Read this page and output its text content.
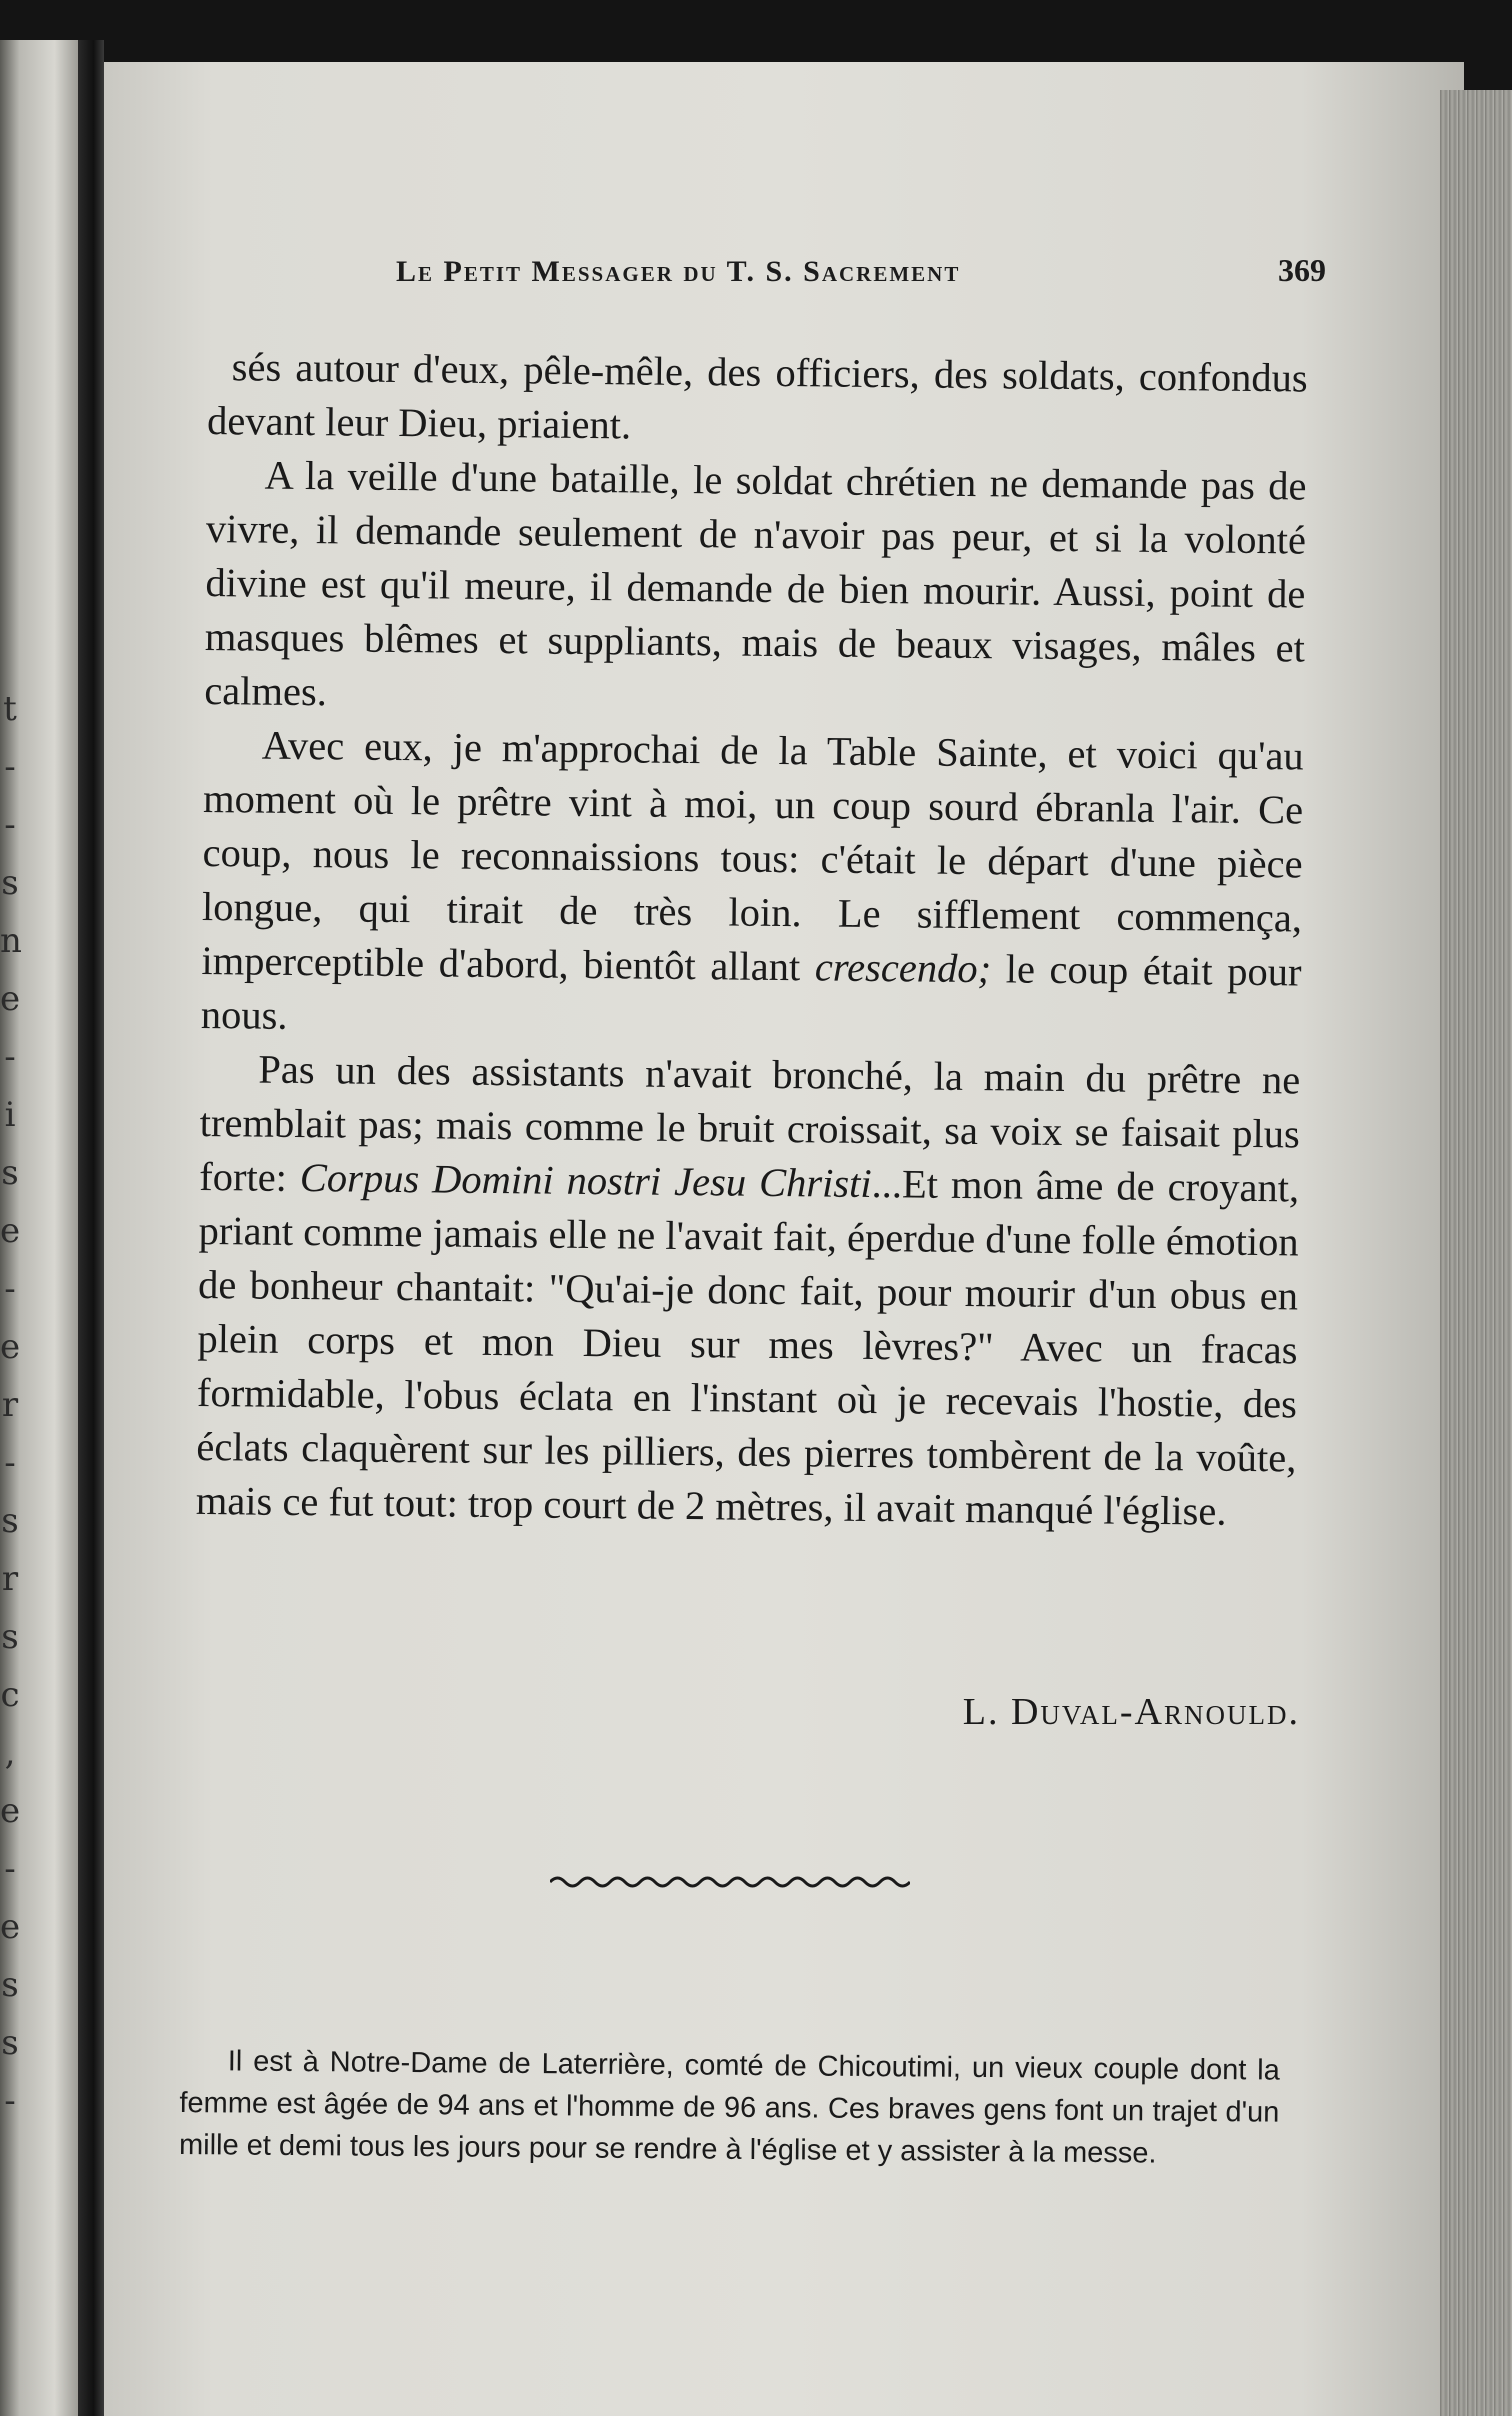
t
-
-
s
n
e
-
i
s
e
-
e
r
-
s
r
s
c
,
e
-
e
s
s
-
Le Petit Messager du T. S. Sacrement	369

sés autour d'eux, pêle-mêle, des officiers, des soldats, confondus devant leur Dieu, priaient.

A la veille d'une bataille, le soldat chrétien ne demande pas de vivre, il demande seulement de n'avoir pas peur, et si la volonté divine est qu'il meure, il demande de bien mourir. Aussi, point de masques blêmes et suppliants, mais de beaux visages, mâles et calmes.

Avec eux, je m'approchai de la Table Sainte, et voici qu'au moment où le prêtre vint à moi, un coup sourd ébranla l'air. Ce coup, nous le reconnaissions tous: c'était le départ d'une pièce longue, qui tirait de très loin. Le sifflement commença, imperceptible d'abord, bientôt allant crescendo; le coup était pour nous.

Pas un des assistants n'avait bronché, la main du prêtre ne tremblait pas; mais comme le bruit croissait, sa voix se faisait plus forte: Corpus Domini nostri Jesu Christi...Et mon âme de croyant, priant comme jamais elle ne l'avait fait, éperdue d'une folle émotion de bonheur chantait: "Qu'ai-je donc fait, pour mourir d'un obus en plein corps et mon Dieu sur mes lèvres?" Avec un fracas formidable, l'obus éclata en l'instant où je recevais l'hostie, des éclats claquèrent sur les pilliers, des pierres tombèrent de la voûte, mais ce fut tout: trop court de 2 mètres, il avait manqué l'église.

L. Duval-Arnould.

Il est à Notre-Dame de Laterrière, comté de Chicoutimi, un vieux couple dont la femme est âgée de 94 ans et l'homme de 96 ans. Ces braves gens font un trajet d'un mille et demi tous les jours pour se rendre à l'église et y assister à la messe.
